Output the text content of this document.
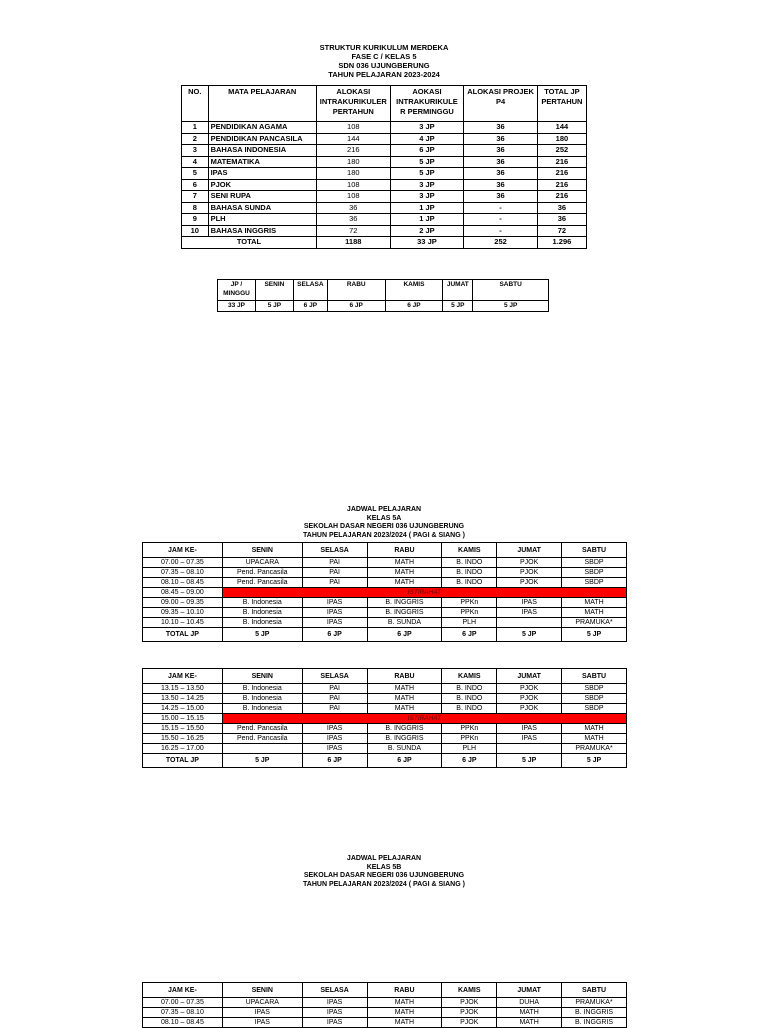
STRUKTUR KURIKULUM MERDEKA
FASE C / KELAS 5
SDN 036 UJUNGBERUNG
TAHUN PELAJARAN 2023-2024
NO.	MATA PELAJARAN	ALOKASI INTRAKURIKULER PERTAHUN	AOKASI INTRAKURIKULE R PERMINGGU	ALOKASI PROJEK P4	TOTAL JP PERTAHUN
1	PENDIDIKAN AGAMA	108	3 JP	36	144
2	PENDIDIKAN PANCASILA	144	4 JP	36	180
3	BAHASA INDONESIA	216	6 JP	36	252
4	MATEMATIKA	180	5 JP	36	216
5	IPAS	180	5 JP	36	216
6	PJOK	108	3 JP	36	216
7	SENI RUPA	108	3 JP	36	216
8	BAHASA SUNDA	36	1 JP	-	36
9	PLH	36	1 JP	-	36
10	BAHASA INGGRIS	72	2 JP	-	72
TOTAL		1188	33 JP	252	1.296
JP / MINGGU	SENIN	SELASA	RABU	KAMIS	JUMAT	SABTU
33 JP	5 JP	6 JP	6 JP	6 JP	5 JP	5 JP
JADWAL PELAJARAN
KELAS 5A
SEKOLAH DASAR NEGERI 036 UJUNGBERUNG
TAHUN PELAJARAN 2023/2024 ( PAGI & SIANG )
JAM KE-	SENIN	SELASA	RABU	KAMIS	JUMAT	SABTU
07.00 – 07.35	UPACARA	PAI	MATH	B. INDO	PJOK	SBDP
07.35 – 08.10	Pend. Pancasila	PAI	MATH	B. INDO	PJOK	SBDP
08.10 – 08.45	Pend. Pancasila	PAI	MATH	B. INDO	PJOK	SBDP
08.45 – 09.00	ISTIRAHAT					
09.00 – 09.35	B. Indonesia	IPAS	B. INGGRIS	PPKn	IPAS	MATH
09.35 – 10.10	B. Indonesia	IPAS	B. INGGRIS	PPKn	IPAS	MATH
10.10 – 10.45	B. Indonesia	IPAS	B. SUNDA	PLH		PRAMUKA*
TOTAL JP	5 JP	6 JP	6 JP	6 JP	5 JP	5 JP
JAM KE-	SENIN	SELASA	RABU	KAMIS	JUMAT	SABTU
13.15 – 13.50	B. Indonesia	PAI	MATH	B. INDO	PJOK	SBDP
13.50 – 14.25	B. Indonesia	PAI	MATH	B. INDO	PJOK	SBDP
14.25 – 15.00	B. Indonesia	PAI	MATH	B. INDO	PJOK	SBDP
15.00 – 15.15	ISTIRAHAT					
15.15 – 15.50	Pend. Pancasila	IPAS	B. INGGRIS	PPKn	IPAS	MATH
15.50 – 16.25	Pend. Pancasila	IPAS	B. INGGRIS	PPKn	IPAS	MATH
16.25 – 17.00		IPAS	B. SUNDA	PLH		PRAMUKA*
TOTAL JP	5 JP	6 JP	6 JP	6 JP	5 JP	5 JP
JADWAL PELAJARAN
KELAS 5B
SEKOLAH DASAR NEGERI 036 UJUNGBERUNG
TAHUN PELAJARAN 2023/2024 ( PAGI & SIANG )
JAM KE-	SENIN	SELASA	RABU	KAMIS	JUMAT	SABTU
07.00 – 07.35	UPACARA	IPAS	MATH	PJOK	DUHA	PRAMUKA*
07.35 – 08.10	IPAS	IPAS	MATH	PJOK	MATH	B. INGGRIS
08.10 – 08.45	IPAS	IPAS	MATH	PJOK	MATH	B. INGGRIS
